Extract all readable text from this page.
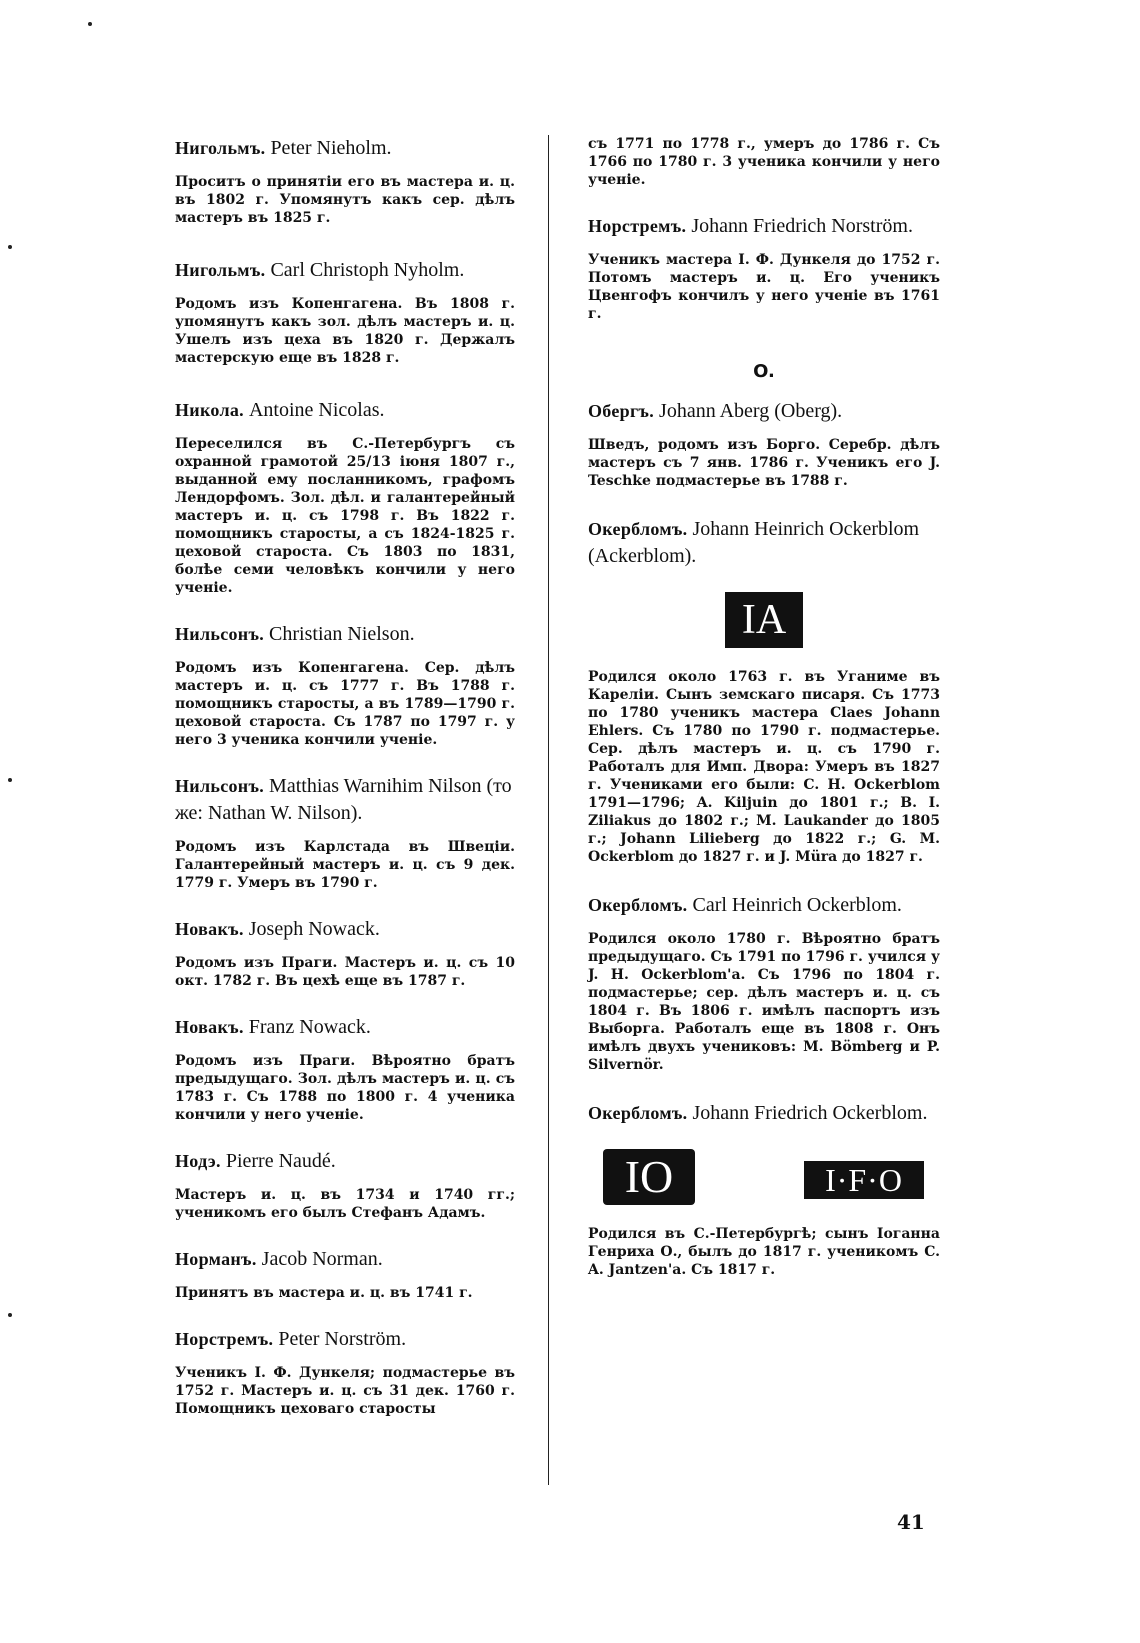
Нигольмъ. Peter Nieholm.

Проситъ о принятіи его въ мастера и. ц. въ 1802 г. Упомянутъ какъ сер. дѣлъ мастеръ въ 1825 г.

Нигольмъ. Carl Christoph Nyholm.

Родомъ изъ Копенгагена. Въ 1808 г. упомянутъ какъ зол. дѣлъ мастеръ и. ц. Ушелъ изъ цеха въ 1820 г. Держалъ мастерскую еще въ 1828 г.

Никола. Antoine Nicolas.

Переселился въ С.-Петербургъ съ охранной грамотой 25/13 іюня 1807 г., выданной ему посланникомъ, графомъ Лендорфомъ. Зол. дѣл. и галантерейный мастеръ и. ц. съ 1798 г. Въ 1822 г. помощникъ старосты, а съ 1824-1825 г. цеховой староста. Съ 1803 по 1831, болѣе семи человѣкъ кончили у него ученіе.

Нильсонъ. Christian Nielson.

Родомъ изъ Копенгагена. Сер. дѣлъ мастеръ и. ц. съ 1777 г. Въ 1788 г. помощникъ старосты, а въ 1789—1790 г. цеховой староста. Съ 1787 по 1797 г. у него 3 ученика кончили ученіе.

Нильсонъ. Matthias Warnihim Nilson (то же: Nathan W. Nilson).

Родомъ изъ Карлстада въ Швеціи. Галантерейный мастеръ и. ц. съ 9 дек. 1779 г. Умеръ въ 1790 г.

Новакъ. Joseph Nowack.

Родомъ изъ Праги. Мастеръ и. ц. съ 10 окт. 1782 г. Въ цехѣ еще въ 1787 г.

Новакъ. Franz Nowack.

Родомъ изъ Праги. Вѣроятно братъ предыдущаго. Зол. дѣлъ мастеръ и. ц. съ 1783 г. Съ 1788 по 1800 г. 4 ученика кончили у него ученіе.

Нодэ. Pierre Naudé.

Мастеръ и. ц. въ 1734 и 1740 гг.; ученикомъ его былъ Стефанъ Адамъ.

Норманъ. Jacob Norman.

Принятъ въ мастера и. ц. въ 1741 г.

Норстремъ. Peter Norström.

Ученикъ І. Ф. Дункеля; подмастерье въ 1752 г. Мастеръ и. ц. съ 31 дек. 1760 г. Помощникъ цеховаго старосты

съ 1771 по 1778 г., умеръ до 1786 г. Съ 1766 по 1780 г. 3 ученика кончили у него ученіе.

Норстремъ. Johann Friedrich Norström.

Ученикъ мастера І. Ф. Дункеля до 1752 г. Потомъ мастеръ и. ц. Его ученикъ Цвенгофъ кончилъ у него ученіе въ 1761 г.

O.

Обергъ. Johann Aberg (Oberg).

Шведъ, родомъ изъ Борго. Серебр. дѣлъ мастеръ съ 7 янв. 1786 г. Ученикъ его J. Teschke подмастерье въ 1788 г.

Окербломъ. Johann Heinrich Ockerblom (Ackerblom).

IA

Родился около 1763 г. въ Уганиме въ Кареліи. Сынъ земскаго писаря. Съ 1773 по 1780 ученикъ мастера Claes Johann Ehlers. Съ 1780 по 1790 г. подмастерье. Сер. дѣлъ мастеръ и. ц. съ 1790 г. Работалъ для Имп. Двора: Умеръ въ 1827 г. Учениками его были: C. H. Ockerblom 1791—1796; A. Kiljuin до 1801 г.; B. I. Ziliakus до 1802 г.; M. Laukander до 1805 г.; Johann Lilieberg до 1822 г.; G. M. Ockerblom до 1827 г. и J. Müra до 1827 г.

Окербломъ. Carl Heinrich Ockerblom.

Родился около 1780 г. Вѣроятно братъ предыдущаго. Съ 1791 по 1796 г. учился у J. H. Ockerblom'а. Съ 1796 по 1804 г. подмастерье; сер. дѣлъ мастеръ и. ц. съ 1804 г. Въ 1806 г. имѣлъ паспортъ изъ Выборга. Работалъ еще въ 1808 г. Онъ имѣлъ двухъ учениковъ: M. Bömberg и P. Silvernör.

Окербломъ. Johann Friedrich Ockerblom.

IO	I·F·O

Родился въ С.-Петербургѣ; сынъ Іоганна Генриха О., былъ до 1817 г. ученикомъ C. A. Jantzen'а. Съ 1817 г.

41
